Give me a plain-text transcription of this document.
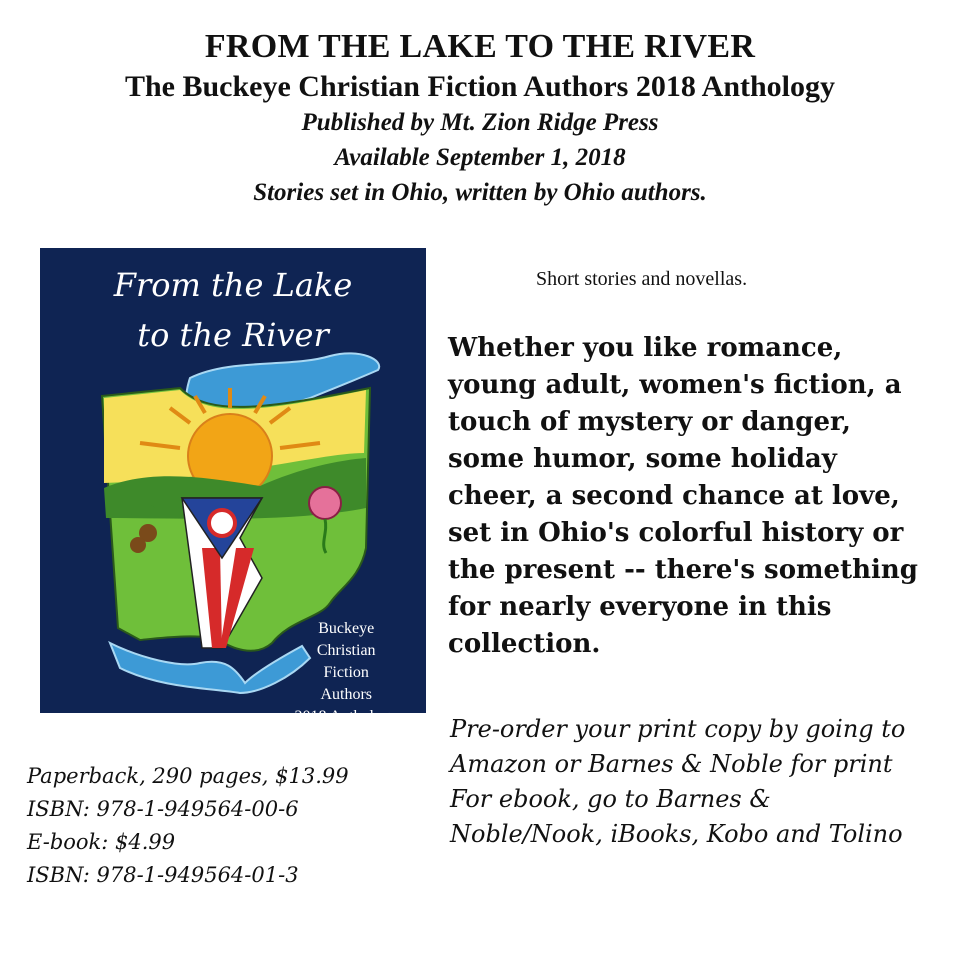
FROM THE LAKE TO THE RIVER

The Buckeye Christian Fiction Authors 2018 Anthology

Published by Mt. Zion Ridge Press

Available September 1, 2018

Stories set in Ohio, written by Ohio authors.

From the Lake
to the River
Buckeye
Christian
Fiction
Authors
2018 Anthology
Short stories and novellas.
Whether you like romance, young adult, women's fiction, a touch of mystery or danger, some humor, some holiday cheer, a second chance at love, set in Ohio's colorful history or the present -- there's something for nearly everyone in this collection.
Pre-order your print copy by going to Amazon or Barnes & Noble for print
For ebook, go to Barnes & Noble/Nook, iBooks, Kobo and Tolino
Paperback, 290 pages, $13.99
ISBN: 978-1-949564-00-6
E-book: $4.99
ISBN: 978-1-949564-01-3
